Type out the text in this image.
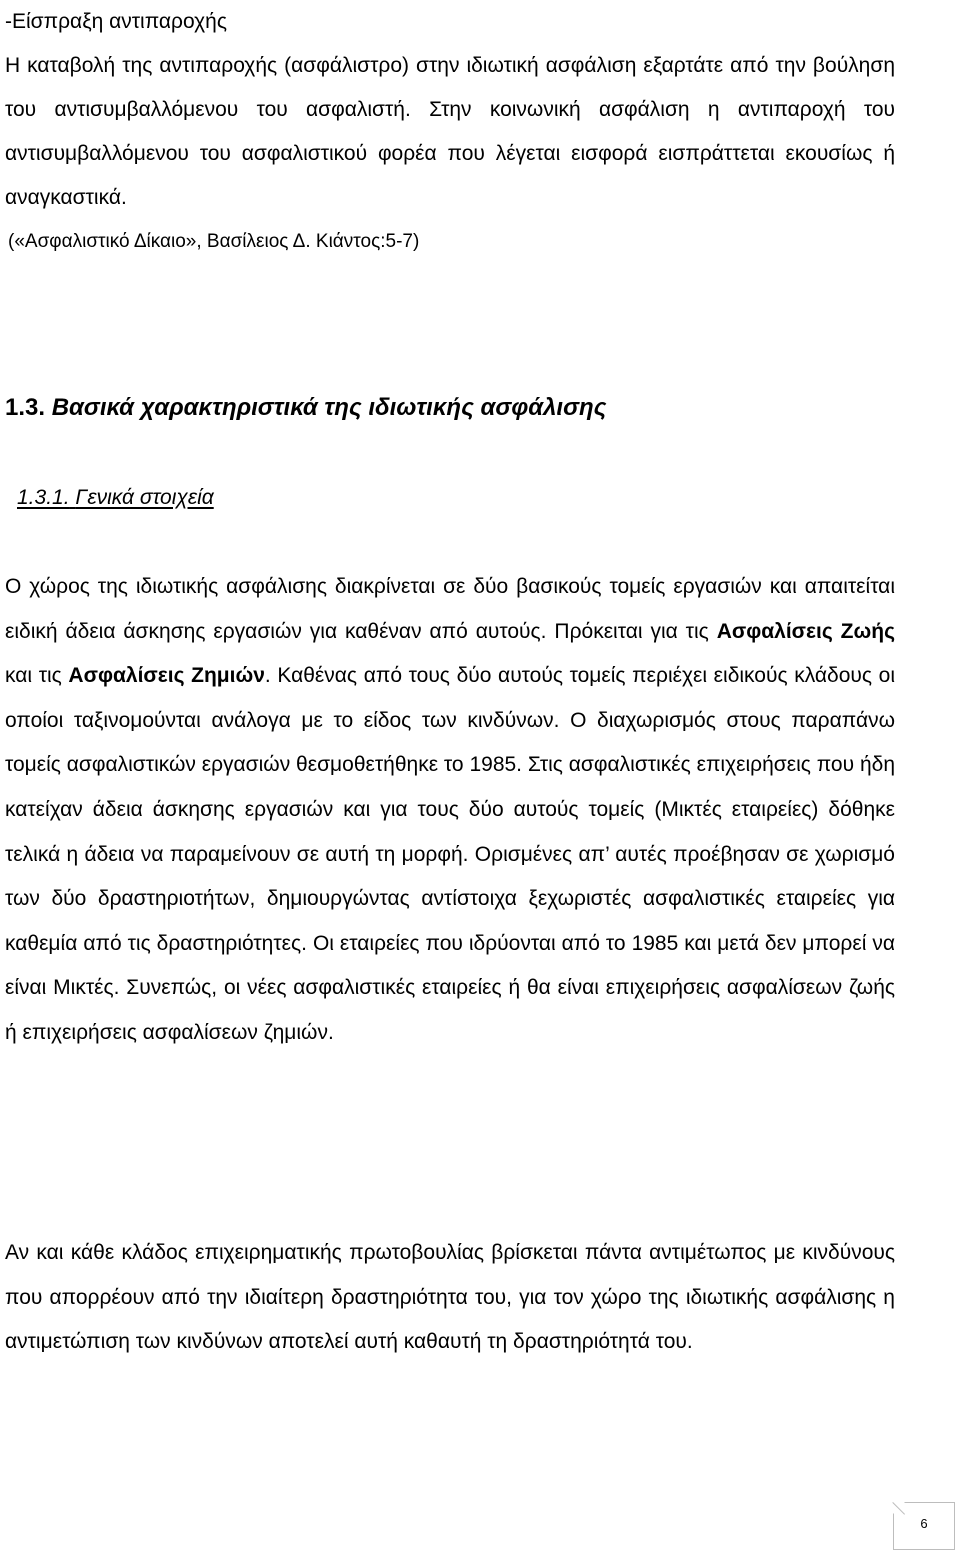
-Είσπραξη αντιπαροχής
Η καταβολή της αντιπαροχής (ασφάλιστρο) στην ιδιωτική ασφάλιση εξαρτάτε από την βούληση του αντισυμβαλλόμενου του ασφαλιστή. Στην κοινωνική ασφάλιση η αντιπαροχή του αντισυμβαλλόμενου του ασφαλιστικού φορέα που λέγεται εισφορά εισπράττεται εκουσίως ή αναγκαστικά.
(«Ασφαλιστικό Δίκαιο», Βασίλειος Δ. Κιάντος:5-7)
1.3. Βασικά χαρακτηριστικά της ιδιωτικής ασφάλισης
1.3.1. Γενικά στοιχεία
Ο χώρος της ιδιωτικής ασφάλισης διακρίνεται σε δύο βασικούς τομείς εργασιών και απαιτείται ειδική άδεια άσκησης εργασιών για καθέναν από αυτούς. Πρόκειται για τις Ασφαλίσεις Ζωής και τις Ασφαλίσεις Ζημιών. Καθένας από τους δύο αυτούς τομείς περιέχει ειδικούς κλάδους οι οποίοι ταξινομούνται ανάλογα με το είδος των κινδύνων. Ο διαχωρισμός στους παραπάνω τομείς ασφαλιστικών εργασιών θεσμοθετήθηκε το 1985. Στις ασφαλιστικές επιχειρήσεις που ήδη κατείχαν άδεια άσκησης εργασιών και για τους δύο αυτούς τομείς (Μικτές εταιρείες) δόθηκε τελικά η άδεια να παραμείνουν σε αυτή τη μορφή. Ορισμένες απ’ αυτές προέβησαν σε χωρισμό των δύο δραστηριοτήτων, δημιουργώντας αντίστοιχα ξεχωριστές ασφαλιστικές εταιρείες για καθεμία από τις δραστηριότητες. Οι εταιρείες που ιδρύονται από το 1985 και μετά δεν μπορεί να είναι Μικτές. Συνεπώς, οι νέες ασφαλιστικές εταιρείες ή θα είναι επιχειρήσεις ασφαλίσεων ζωής ή επιχειρήσεις ασφαλίσεων ζημιών.
Αν και κάθε κλάδος επιχειρηματικής πρωτοβουλίας βρίσκεται πάντα αντιμέτωπος με κινδύνους που απορρέουν από την ιδιαίτερη δραστηριότητα του, για τον χώρο της ιδιωτικής ασφάλισης η αντιμετώπιση των κινδύνων αποτελεί αυτή καθαυτή τη δραστηριότητά του.
6
